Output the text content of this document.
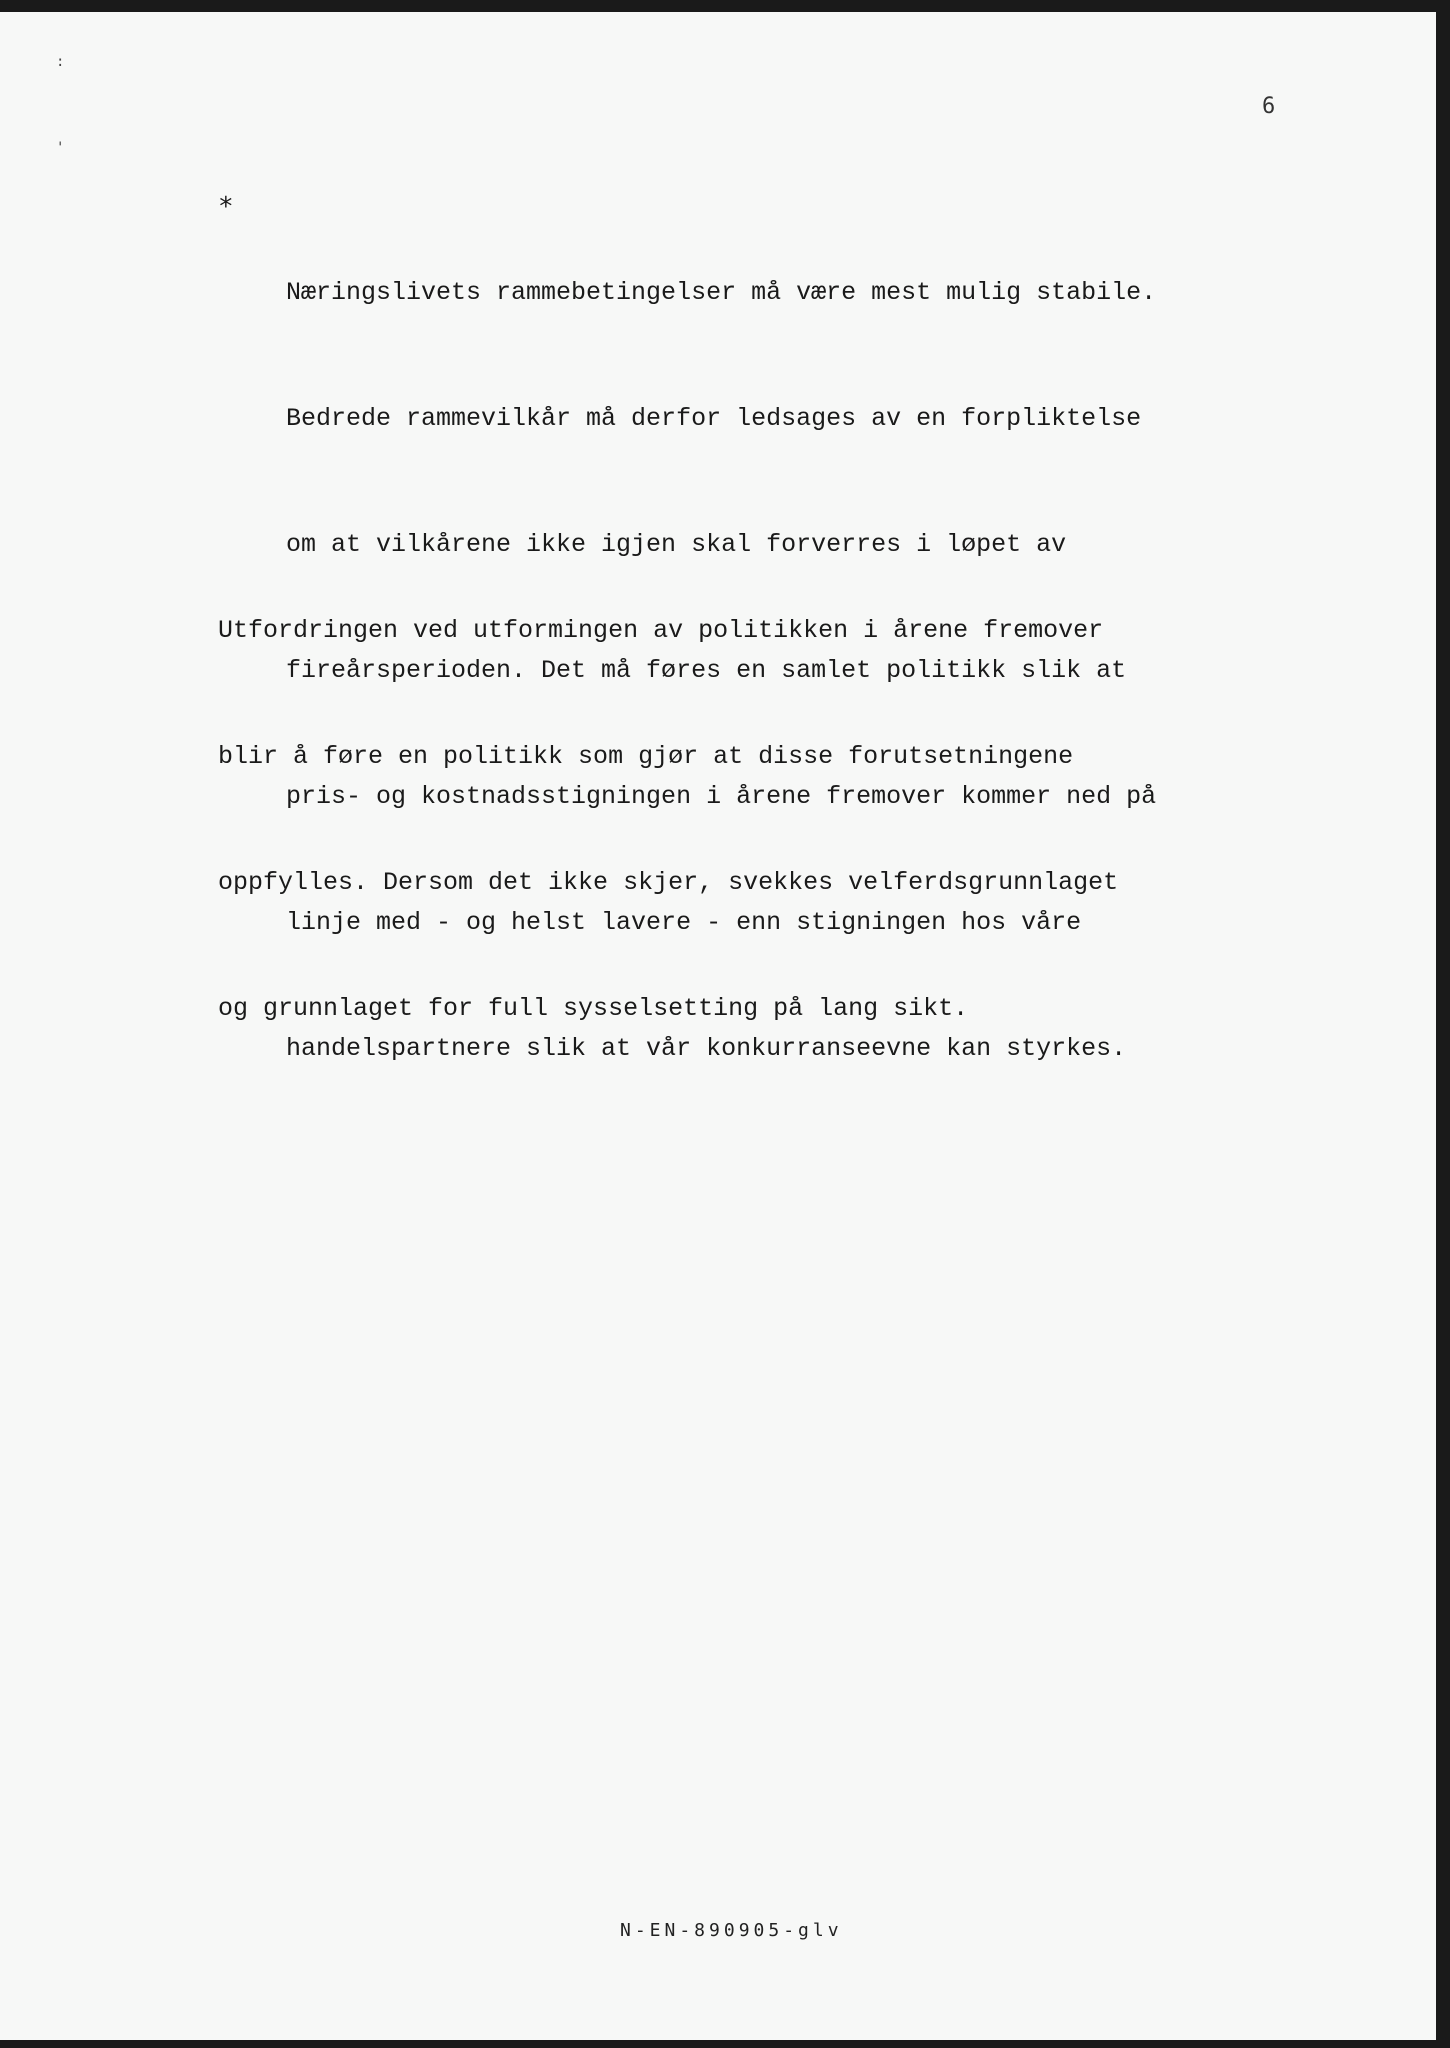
:
'
6
*

Næringslivets rammebetingelser må være mest mulig stabile.

Bedrede rammevilkår må derfor ledsages av en forpliktelse

om at vilkårene ikke igjen skal forverres i løpet av

fireårsperioden. Det må føres en samlet politikk slik at

pris- og kostnadsstigningen i årene fremover kommer ned på

linje med - og helst lavere - enn stigningen hos våre

handelspartnere slik at vår konkurranseevne kan styrkes.

Utfordringen ved utformingen av politikken i årene fremover

blir å føre en politikk som gjør at disse forutsetningene

oppfylles. Dersom det ikke skjer, svekkes velferdsgrunnlaget

og grunnlaget for full sysselsetting på lang sikt.

N-EN-890905-glv
